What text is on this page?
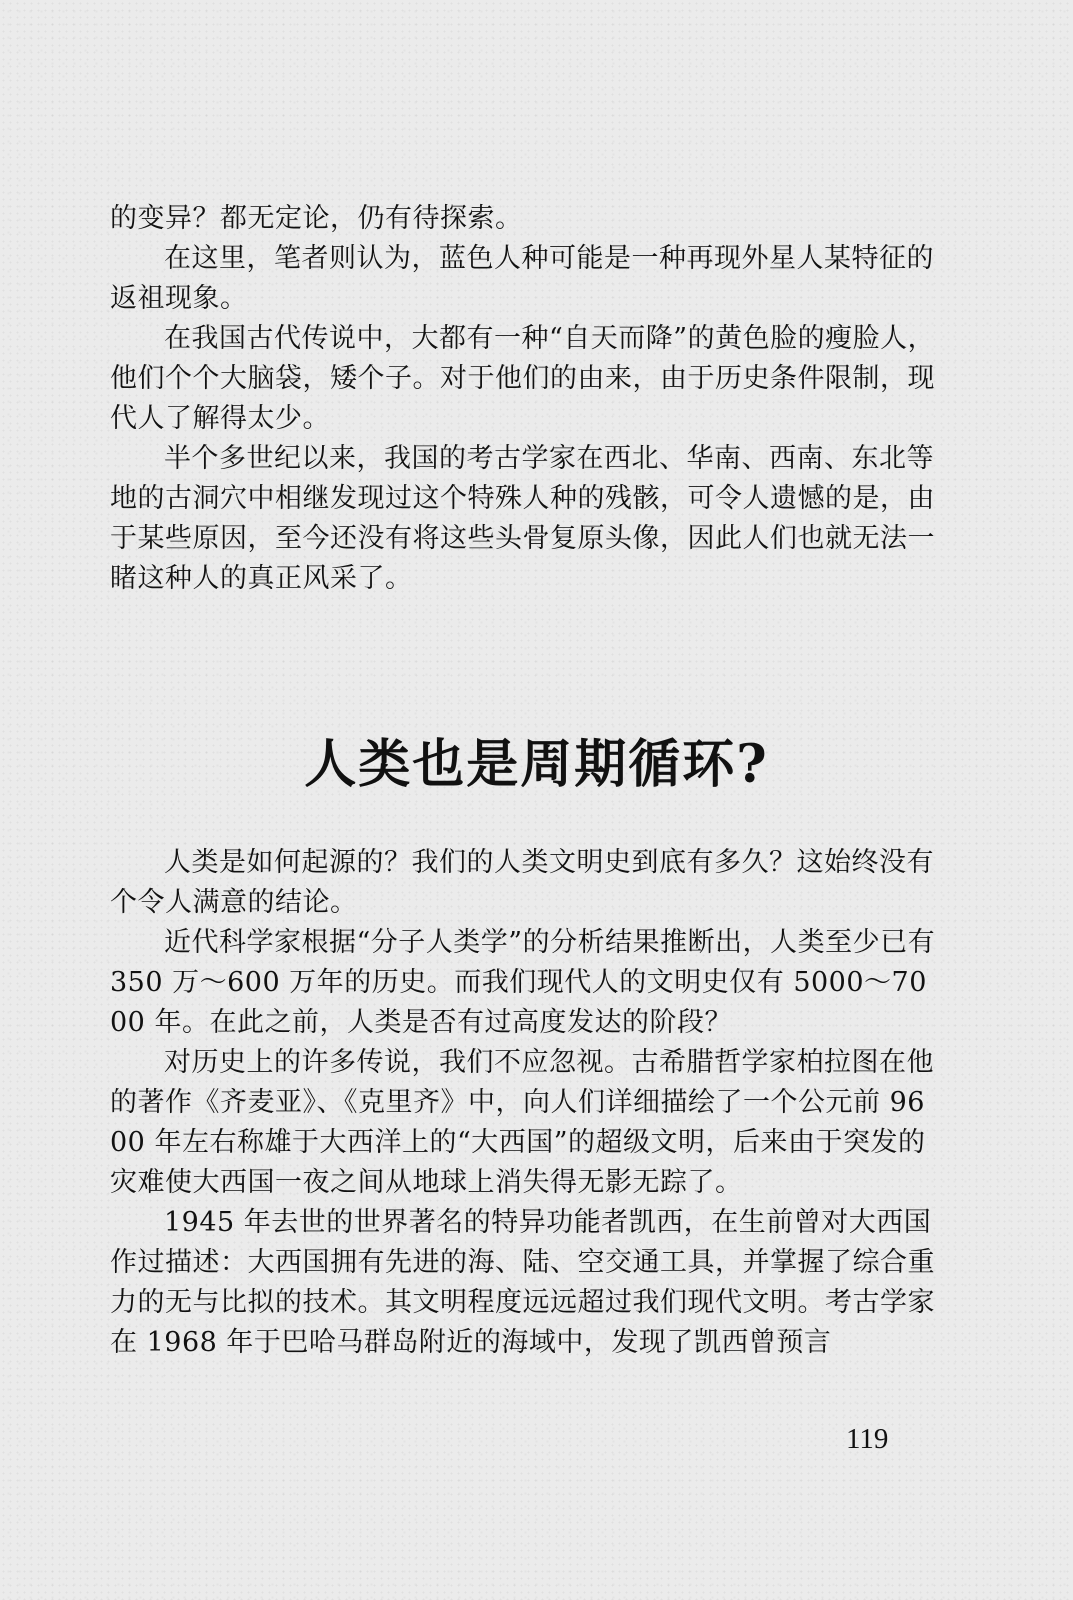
的变异？都无定论，仍有待探索。

在这里，笔者则认为，蓝色人种可能是一种再现外星人某特征的返祖现象。

在我国古代传说中，大都有一种“自天而降”的黄色脸的瘦脸人，他们个个大脑袋，矮个子。对于他们的由来，由于历史条件限制，现代人了解得太少。

半个多世纪以来，我国的考古学家在西北、华南、西南、东北等地的古洞穴中相继发现过这个特殊人种的残骸，可令人遗憾的是，由于某些原因，至今还没有将这些头骨复原头像，因此人们也就无法一睹这种人的真正风采了。

人类也是周期循环?

人类是如何起源的？我们的人类文明史到底有多久？这始终没有个令人满意的结论。

近代科学家根据“分子人类学”的分析结果推断出，人类至少已有 350 万～600 万年的历史。而我们现代人的文明史仅有 5000～7000 年。在此之前，人类是否有过高度发达的阶段？

对历史上的许多传说，我们不应忽视。古希腊哲学家柏拉图在他的著作《齐麦亚》、《克里齐》中，向人们详细描绘了一个公元前 9600 年左右称雄于大西洋上的“大西国”的超级文明，后来由于突发的灾难使大西国一夜之间从地球上消失得无影无踪了。

1945 年去世的世界著名的特异功能者凯西，在生前曾对大西国作过描述：大西国拥有先进的海、陆、空交通工具，并掌握了综合重力的无与比拟的技术。其文明程度远远超过我们现代文明。考古学家在 1968 年于巴哈马群岛附近的海域中，发现了凯西曾预言

119
